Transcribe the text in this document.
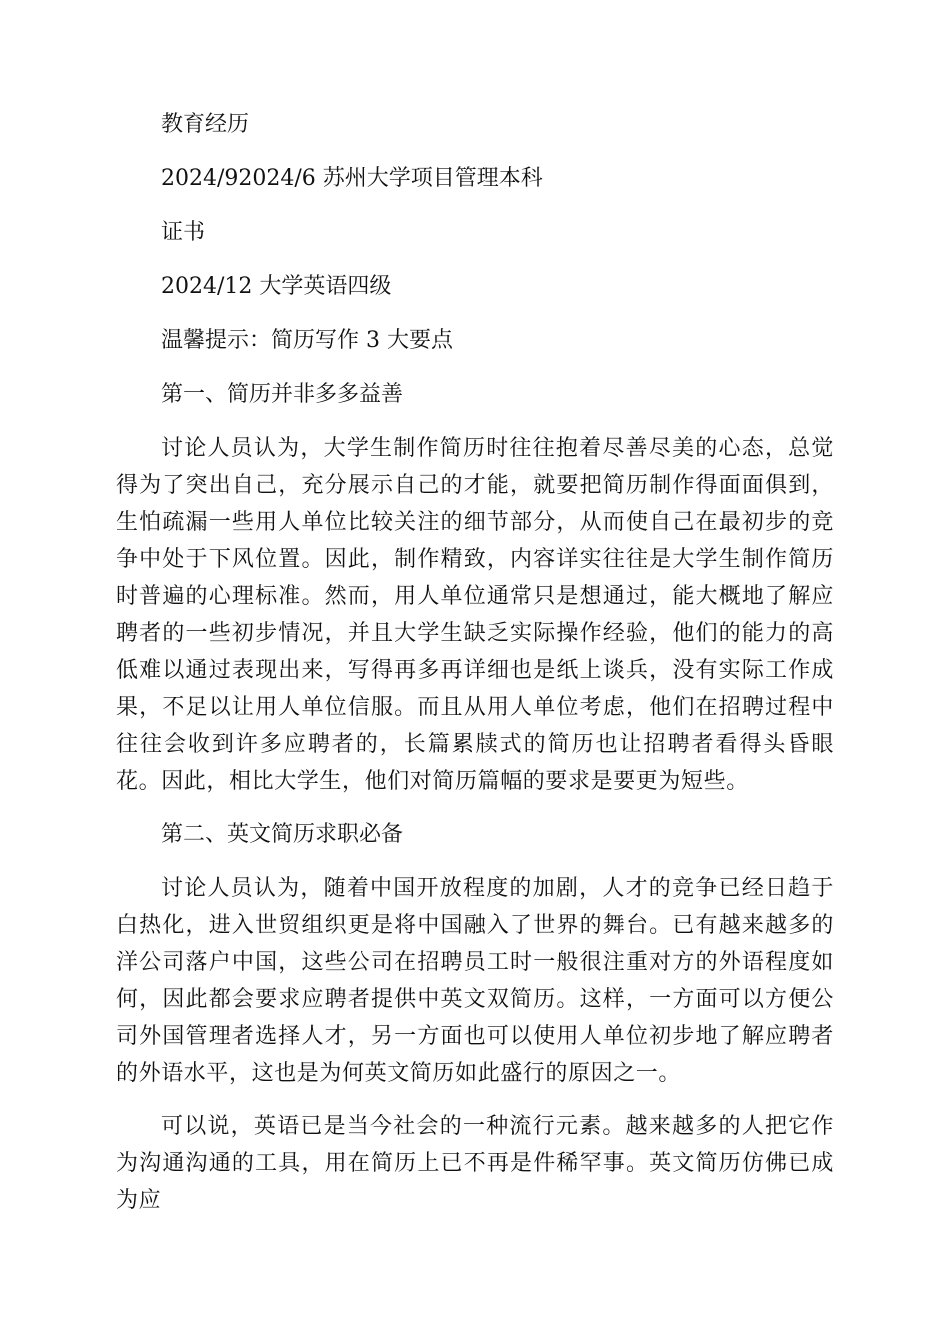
教育经历

2024/92024/6 苏州大学项目管理本科

证书

2024/12 大学英语四级

温馨提示：简历写作 3 大要点

第一、简历并非多多益善

讨论人员认为，大学生制作简历时往往抱着尽善尽美的心态，总觉得为了突出自己，充分展示自己的才能，就要把简历制作得面面俱到，生怕疏漏一些用人单位比较关注的细节部分，从而使自己在最初步的竞争中处于下风位置。因此，制作精致，内容详实往往是大学生制作简历时普遍的心理标准。然而，用人单位通常只是想通过，能大概地了解应聘者的一些初步情况，并且大学生缺乏实际操作经验，他们的能力的高低难以通过表现出来，写得再多再详细也是纸上谈兵，没有实际工作成果，不足以让用人单位信服。而且从用人单位考虑，他们在招聘过程中往往会收到许多应聘者的，长篇累牍式的简历也让招聘者看得头昏眼花。因此，相比大学生，他们对简历篇幅的要求是要更为短些。

第二、英文简历求职必备

讨论人员认为，随着中国开放程度的加剧，人才的竞争已经日趋于白热化，进入世贸组织更是将中国融入了世界的舞台。已有越来越多的洋公司落户中国，这些公司在招聘员工时一般很注重对方的外语程度如何，因此都会要求应聘者提供中英文双简历。这样，一方面可以方便公司外国管理者选择人才，另一方面也可以使用人单位初步地了解应聘者的外语水平，这也是为何英文简历如此盛行的原因之一。

可以说，英语已是当今社会的一种流行元素。越来越多的人把它作为沟通沟通的工具，用在简历上已不再是件稀罕事。英文简历仿佛已成为应
